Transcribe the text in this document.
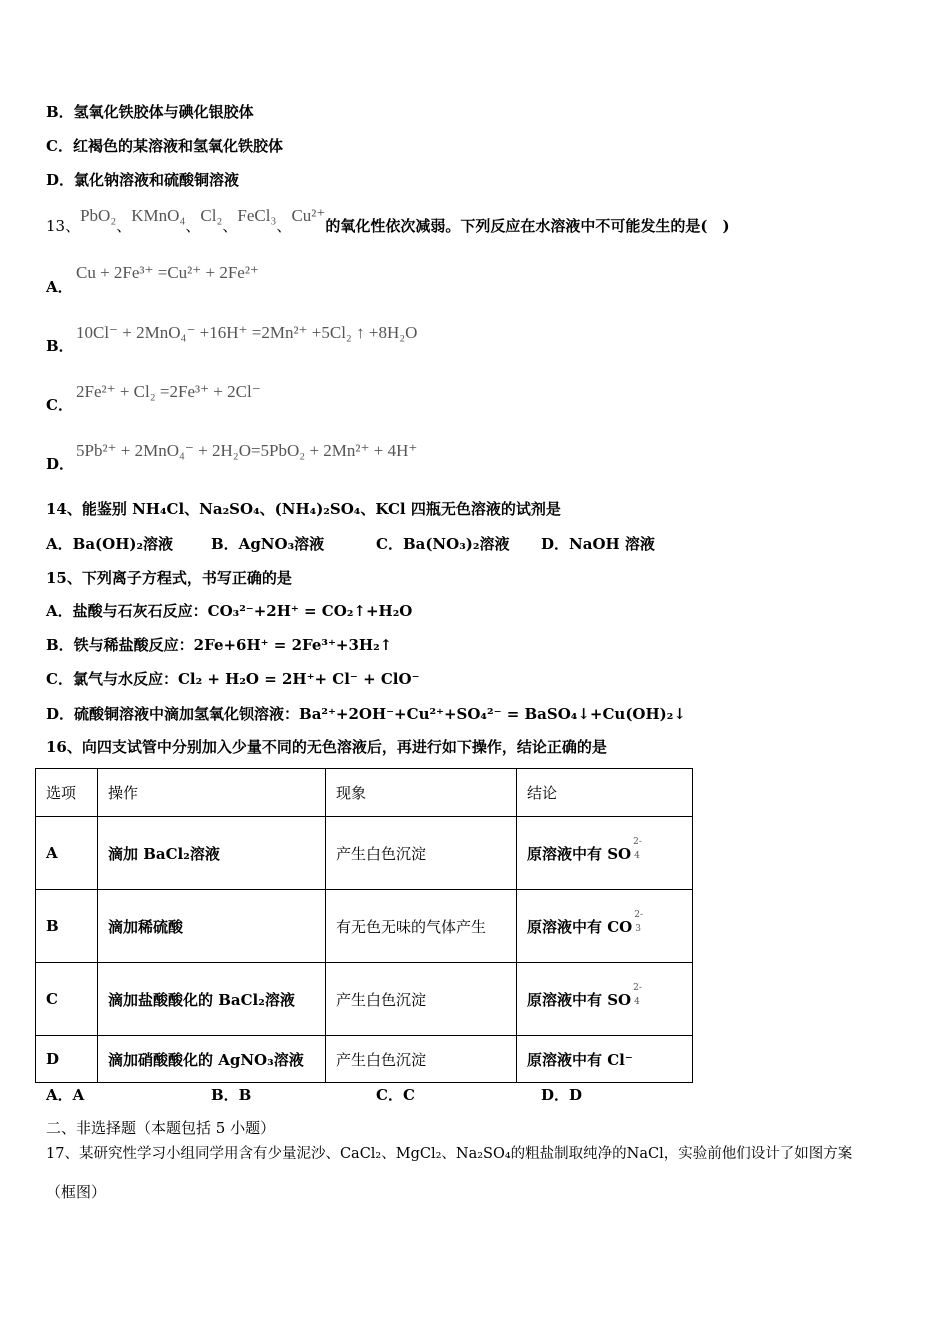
B．氢氧化铁胶体与碘化银胶体
C．红褐色的某溶液和氢氧化铁胶体
D．氯化钠溶液和硫酸铜溶液
13、PbO₂、KMnO₄、Cl₂、FeCl₃、Cu²⁺的氧化性依次减弱。下列反应在水溶液中不可能发生的是(　)
A．
Cu + 2Fe³⁺ =Cu²⁺ + 2Fe²⁺
B．
10Cl⁻ + 2MnO₄⁻ +16H⁺ =2Mn²⁺ +5Cl₂ ↑ +8H₂O
C．
2Fe²⁺ + Cl₂ =2Fe³⁺ + 2Cl⁻
D．
5Pb²⁺ + 2MnO₄⁻ + 2H₂O=5PbO₂ + 2Mn²⁺ + 4H⁺
14、能鉴别 NH₄Cl、Na₂SO₄、(NH₄)₂SO₄、KCl 四瓶无色溶液的试剂是
A．Ba(OH)₂溶液	B．AgNO₃溶液	C．Ba(NO₃)₂溶液 D．NaOH 溶液
15、下列离子方程式，书写正确的是
A．盐酸与石灰石反应：CO₃²⁻+2H⁺ = CO₂↑+H₂O
B．铁与稀盐酸反应：2Fe+6H⁺ = 2Fe³⁺+3H₂↑
C．氯气与水反应：Cl₂ + H₂O = 2H⁺+ Cl⁻ + ClO⁻
D．硫酸铜溶液中滴加氢氧化钡溶液：Ba²⁺+2OH⁻+Cu²⁺+SO₄²⁻ = BaSO₄↓+Cu(OH)₂↓
16、向四支试管中分别加入少量不同的无色溶液后，再进行如下操作，结论正确的是
选项	操作	现象	结论
A	滴加 BaCl₂溶液	产生白色沉淀	原溶液中有 SO
2-
4

B	滴加稀硫酸	有无色无味的气体产生	原溶液中有 CO
2-
3

C	滴加盐酸酸化的 BaCl₂溶液	产生白色沉淀	原溶液中有 SO
2-
4

D	滴加硝酸酸化的 AgNO₃溶液	产生白色沉淀	原溶液中有 Cl⁻
A．A	B．B	C．C	D．D
二、非选择题（本题包括 5 小题）
17、某研究性学习小组同学用含有少量泥沙、CaCl₂、MgCl₂、Na₂SO₄的粗盐制取纯净的NaCl，实验前他们设计了如图方案
（框图）
